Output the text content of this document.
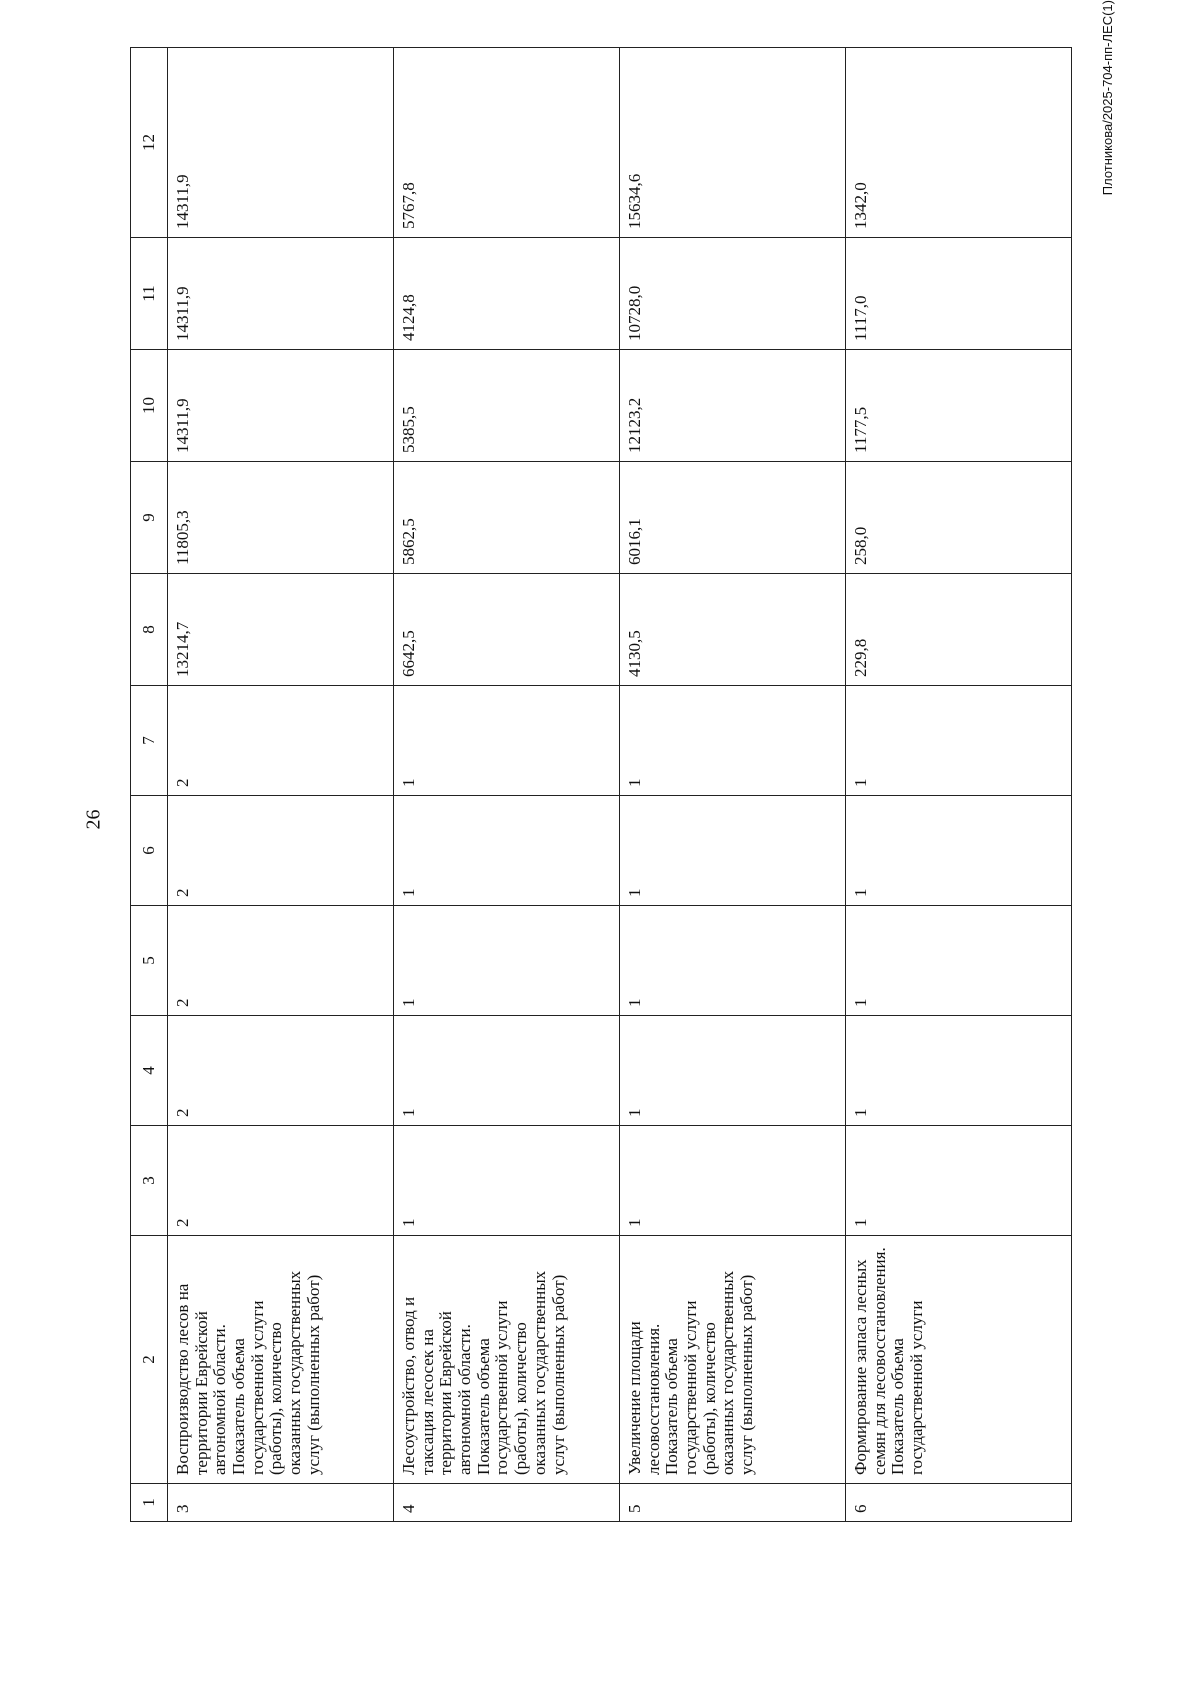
26
Плотникова/2025-704-пп-ЛЕС(1)
1	2	3	4	5	6	7	8	9	10	11	12
3	Воспроизводство лесов на территории Еврейской автономной области. Показатель объема государственной услуги (работы), количество оказанных государственных услуг (выполненных работ)	2	2	2	2	2	13214,7	11805,3	14311,9	14311,9	14311,9
4	Лесоустройство, отвод и таксация лесосек на территории Еврейской автономной области. Показатель объема государственной услуги (работы), количество оказанных государственных услуг (выполненных работ)	1	1	1	1	1	6642,5	5862,5	5385,5	4124,8	5767,8
5	Увеличение площади лесовосстановления. Показатель объема государственной услуги (работы), количество оказанных государственных услуг (выполненных работ)	1	1	1	1	1	4130,5	6016,1	12123,2	10728,0	15634,6
6	Формирование запаса лесных семян для лесовосстановления. Показатель объема государственной услуги	1	1	1	1	1	229,8	258,0	1177,5	1117,0	1342,0
